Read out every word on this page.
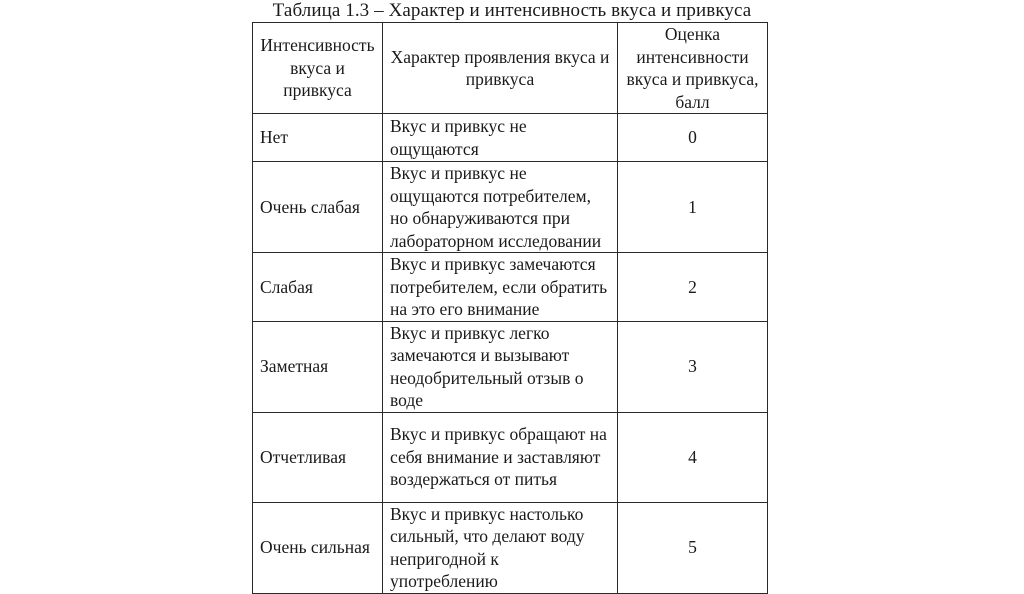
Таблица 1.3 – Характер и интенсивность вкуса и привкуса
Интенсивность вкуса и привкуса	Характер проявления вкуса и привкуса	Оценка интенсивности вкуса и привкуса, балл
Нет	Вкус и привкус не ощущаются	0
Очень слабая	Вкус и привкус не ощущаются потребителем, но обнаруживаются при лабораторном исследовании	1
Слабая	Вкус и привкус замечаются потребителем, если обратить на это его внимание	2
Заметная	Вкус и привкус легко замечаются и вызывают неодобрительный отзыв о воде	3
Отчетливая	Вкус и привкус обращают на себя внимание и заставляют воздержаться от питья	4
Очень сильная	Вкус и привкус настолько сильный, что делают воду непригодной к употреблению	5
